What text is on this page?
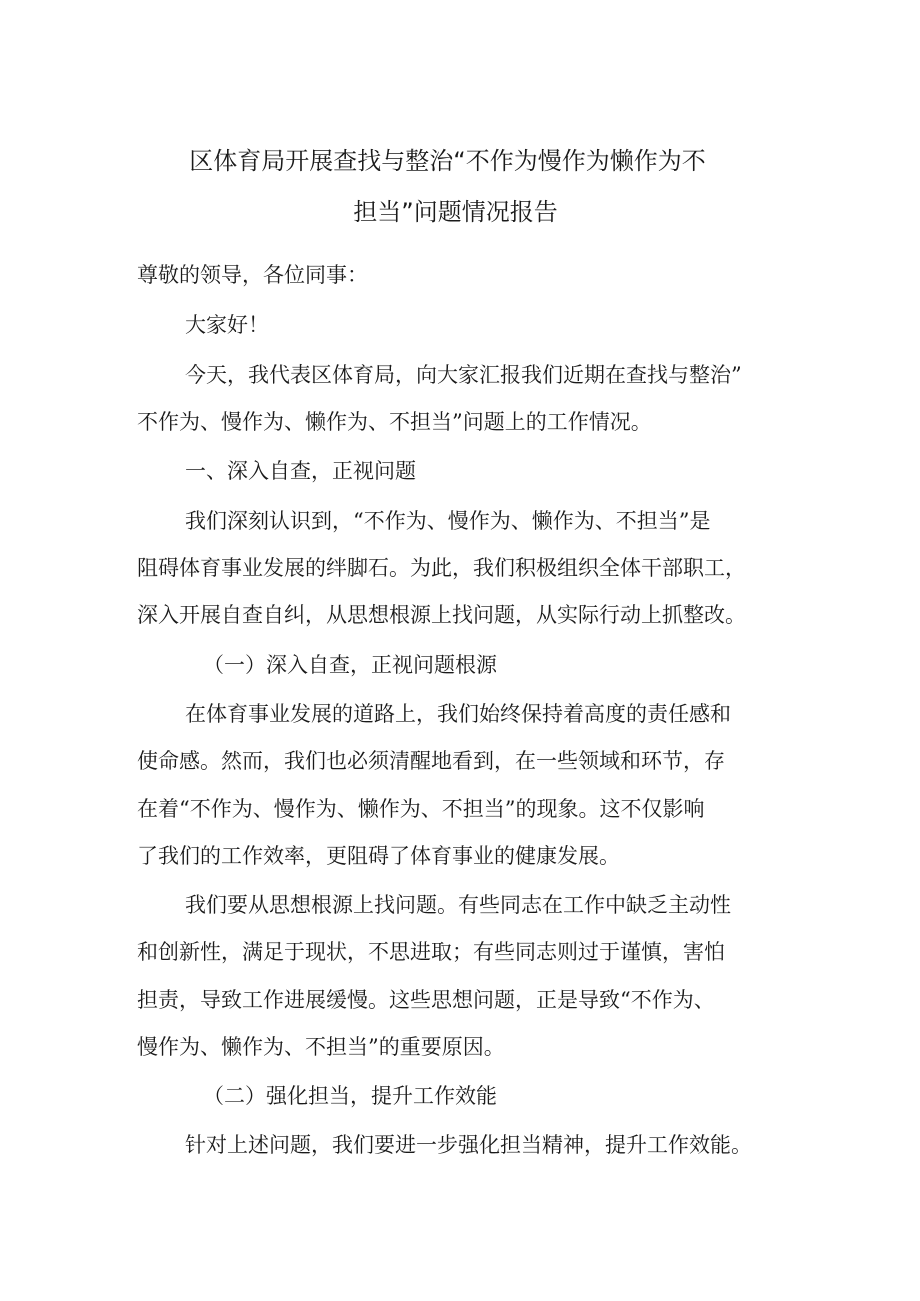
区体育局开展查找与整治“不作为慢作为懒作为不
担当”问题情况报告
尊敬的领导，各位同事：
大家好！
今天，我代表区体育局，向大家汇报我们近期在查找与整治”
不作为、慢作为、懒作为、不担当”问题上的工作情况。
一、深入自查，正视问题
我们深刻认识到，“不作为、慢作为、懒作为、不担当”是
阻碍体育事业发展的绊脚石。为此，我们积极组织全体干部职工，
深入开展自查自纠，从思想根源上找问题，从实际行动上抓整改。
（一）深入自查，正视问题根源
在体育事业发展的道路上，我们始终保持着高度的责任感和
使命感。然而，我们也必须清醒地看到，在一些领域和环节，存
在着“不作为、慢作为、懒作为、不担当”的现象。这不仅影响
了我们的工作效率，更阻碍了体育事业的健康发展。
我们要从思想根源上找问题。有些同志在工作中缺乏主动性
和创新性，满足于现状，不思进取；有些同志则过于谨慎，害怕
担责，导致工作进展缓慢。这些思想问题，正是导致“不作为、
慢作为、懒作为、不担当”的重要原因。
（二）强化担当，提升工作效能
针对上述问题，我们要进一步强化担当精神，提升工作效能。
